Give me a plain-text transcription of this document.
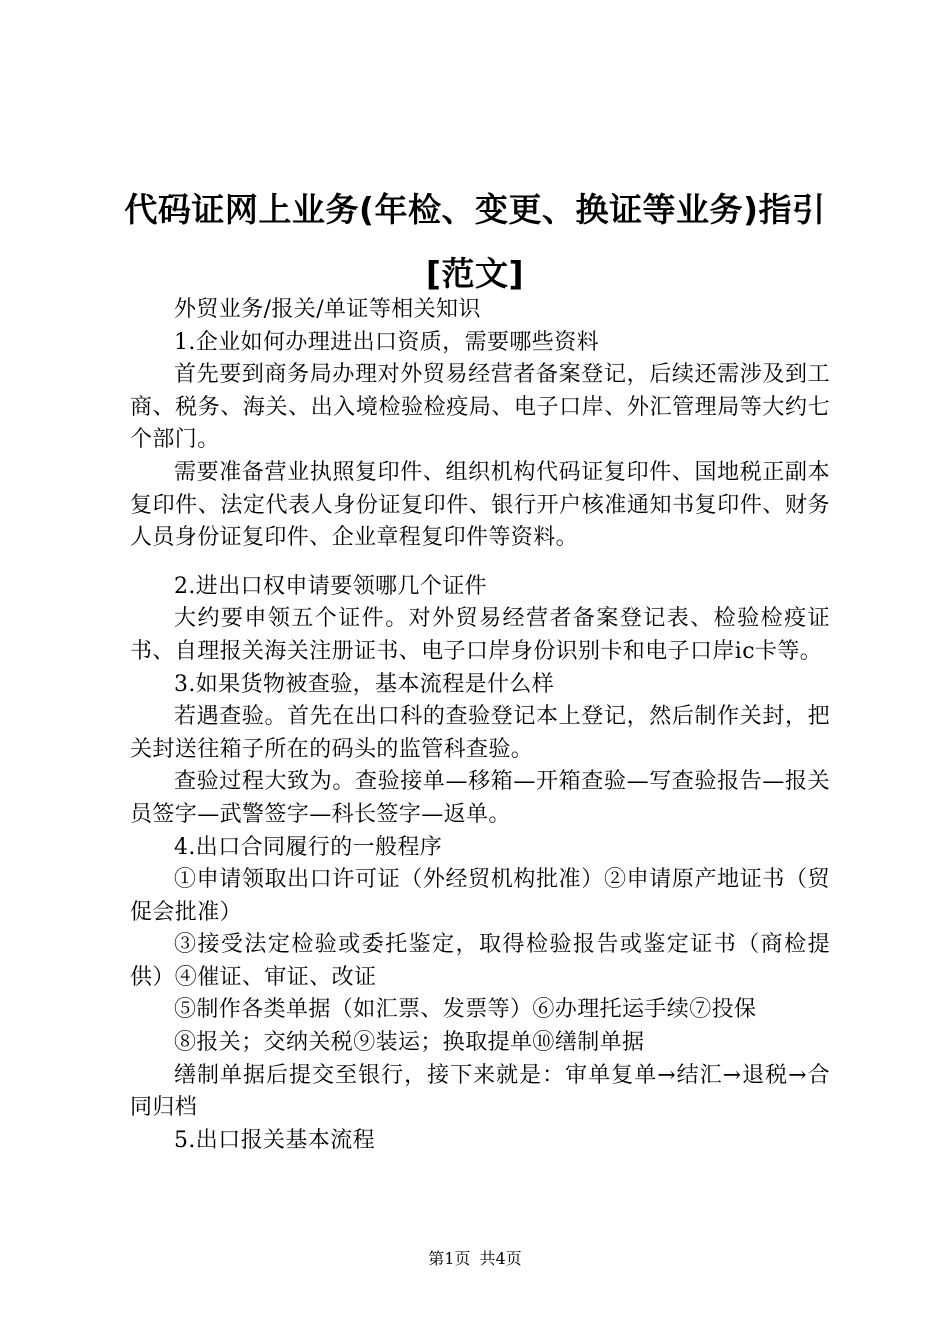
代码证网上业务(年检、变更、换证等业务)指引[范文]

外贸业务/报关/单证等相关知识

1.企业如何办理进出口资质，需要哪些资料

首先要到商务局办理对外贸易经营者备案登记，后续还需涉及到工商、税务、海关、出入境检验检疫局、电子口岸、外汇管理局等大约七个部门。

需要准备营业执照复印件、组织机构代码证复印件、国地税正副本复印件、法定代表人身份证复印件、银行开户核准通知书复印件、财务人员身份证复印件、企业章程复印件等资料。

2.进出口权申请要领哪几个证件

大约要申领五个证件。对外贸易经营者备案登记表、检验检疫证书、自理报关海关注册证书、电子口岸身份识别卡和电子口岸ic卡等。

3.如果货物被查验，基本流程是什么样

若遇查验。首先在出口科的查验登记本上登记，然后制作关封，把关封送往箱子所在的码头的监管科查验。

查验过程大致为。查验接单—移箱—开箱查验—写查验报告—报关员签字—武警签字—科长签字—返单。

4.出口合同履行的一般程序

①申请领取出口许可证（外经贸机构批准）②申请原产地证书（贸促会批准）

③接受法定检验或委托鉴定，取得检验报告或鉴定证书（商检提供）④催证、审证、改证

⑤制作各类单据（如汇票、发票等）⑥办理托运手续⑦投保

⑧报关；交纳关税⑨装运；换取提单⑩缮制单据

缮制单据后提交至银行，接下来就是：审单复单→结汇→退税→合同归档

5.出口报关基本流程

第1页 共4页
